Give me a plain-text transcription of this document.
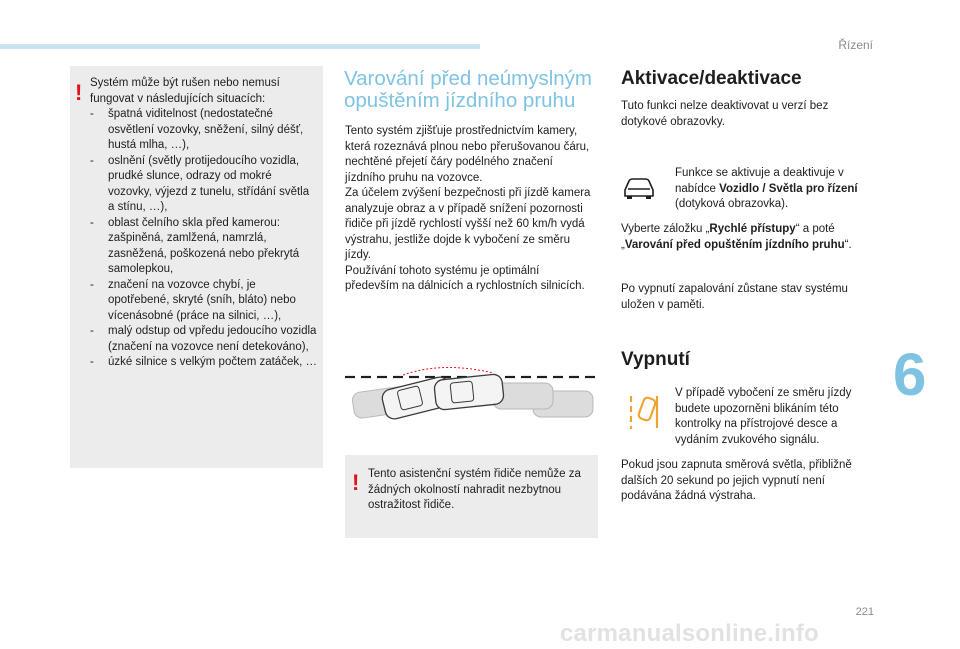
Řízení
6
! Systém může být rušen nebo nemusí fungovat v následujících situacích:
- špatná viditelnost (nedostatečné osvětlení vozovky, sněžení, silný déšť, hustá mlha, …),
- oslnění (světly protijedoucího vozidla, prudké slunce, odrazy od mokré vozovky, výjezd z tunelu, střídání světla a stínu, …),
- oblast čelního skla před kamerou: zašpiněná, zamlžená, namrzlá, zasněžená, poškozená nebo překrytá samolepkou,
- značení na vozovce chybí, je opotřebené, skryté (sníh, bláto) nebo vícenásobné (práce na silnici, …),
- malý odstup od vpředu jedoucího vozidla (značení na vozovce není detekováno),
- úzké silnice s velkým počtem zatáček, …
Varování před neúmyslným opuštěním jízdního pruhu
Tento systém zjišťuje prostřednictvím kamery, která rozeznává plnou nebo přerušovanou čáru, nechtěné přejetí čáry podélného značení jízdního pruhu na vozovce.
Za účelem zvýšení bezpečnosti při jízdě kamera analyzuje obraz a v případě snížení pozornosti řidiče při jízdě rychlostí vyšší než 60 km/h vydá výstrahu, jestliže dojde k vybočení ze směru jízdy.
Používání tohoto systému je optimální především na dálnicích a rychlostních silnicích.
! Tento asistenční systém řidiče nemůže za žádných okolností nahradit nezbytnou ostražitost řidiče.
Aktivace/deaktivace
Tuto funkci nelze deaktivovat u verzí bez dotykové obrazovky.
Funkce se aktivuje a deaktivuje v nabídce Vozidlo / Světla pro řízení (dotyková obrazovka).
Vyberte záložku „Rychlé přístupy“ a poté „Varování před opuštěním jízdního pruhu“.
Po vypnutí zapalování zůstane stav systému uložen v paměti.
Vypnutí
V případě vybočení ze směru jízdy budete upozorněni blikáním této kontrolky na přístrojové desce a vydáním zvukového signálu.
Pokud jsou zapnuta směrová světla, přibližně dalších 20 sekund po jejich vypnutí není podávána žádná výstraha.
221
carmanualsonline.info
